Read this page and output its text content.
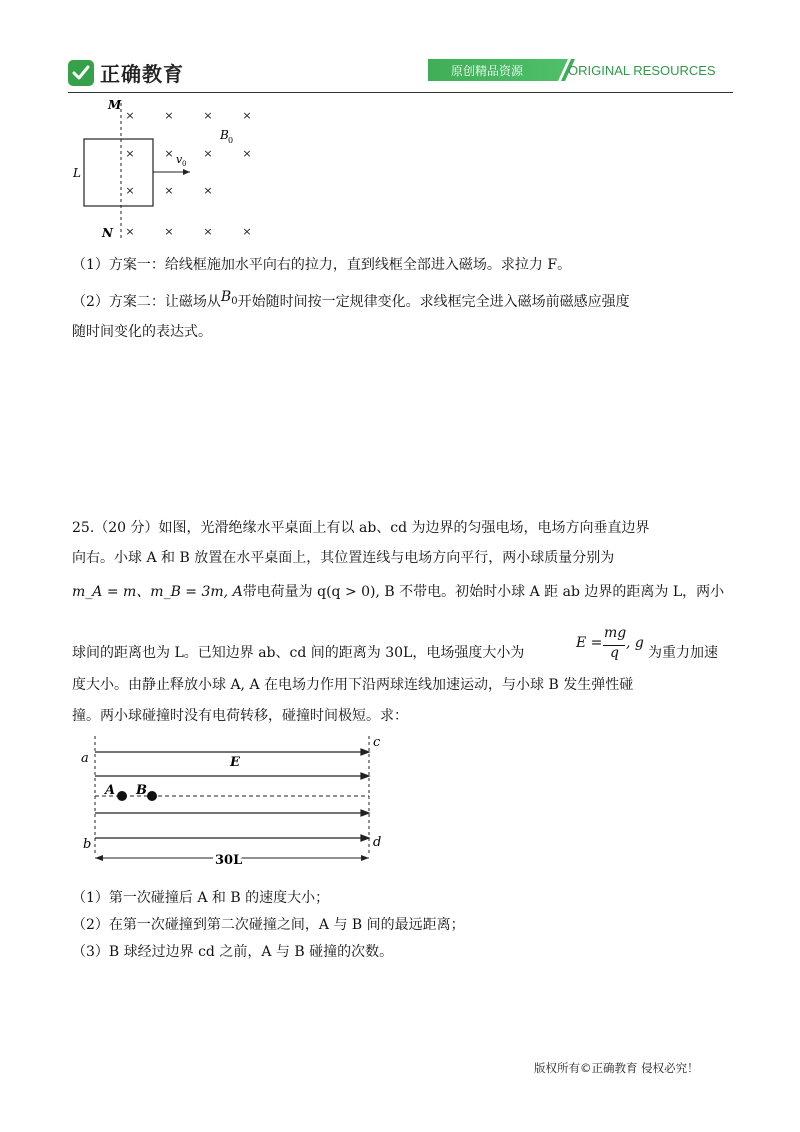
正确教育	原创精品资源	ORIGINAL RESOURCES
×	×	×	×
×	×	×	×
×	×	×
×	×	×	×
M
N
L
B 0
v 0
（1）方案一：给线框施加水平向右的拉力，直到线框全部进入磁场。求拉力 F。
（2）方案二：让磁场从B0开始随时间按一定规律变化。求线框完全进入磁场前磁感应强度
随时间变化的表达式。
25.（20 分）如图，光滑绝缘水平桌面上有以 ab、cd 为边界的匀强电场，电场方向垂直边界
向右。小球 A 和 B 放置在水平桌面上，其位置连线与电场方向平行，两小球质量分别为
m_A = m、m_B = 3m, A带电荷量为 q(q > 0), B 不带电。初始时小球 A 距 ab 边界的距离为 L，两小
球间的距离也为 L。已知边界 ab、cd 间的距离为 30L，电场强度大小为
E =
mg
q
, g
为重力加速
度大小。由静止释放小球 A, A 在电场力作用下沿两球连线加速运动，与小球 B 发生弹性碰
撞。两小球碰撞时没有电荷转移，碰撞时间极短。求：
a
b
c
d
E
A B
30L
（1）第一次碰撞后 A 和 B 的速度大小；
（2）在第一次碰撞到第二次碰撞之间，A 与 B 间的最远距离；
（3）B 球经过边界 cd 之前，A 与 B 碰撞的次数。
版权所有©正确教育 侵权必究！
